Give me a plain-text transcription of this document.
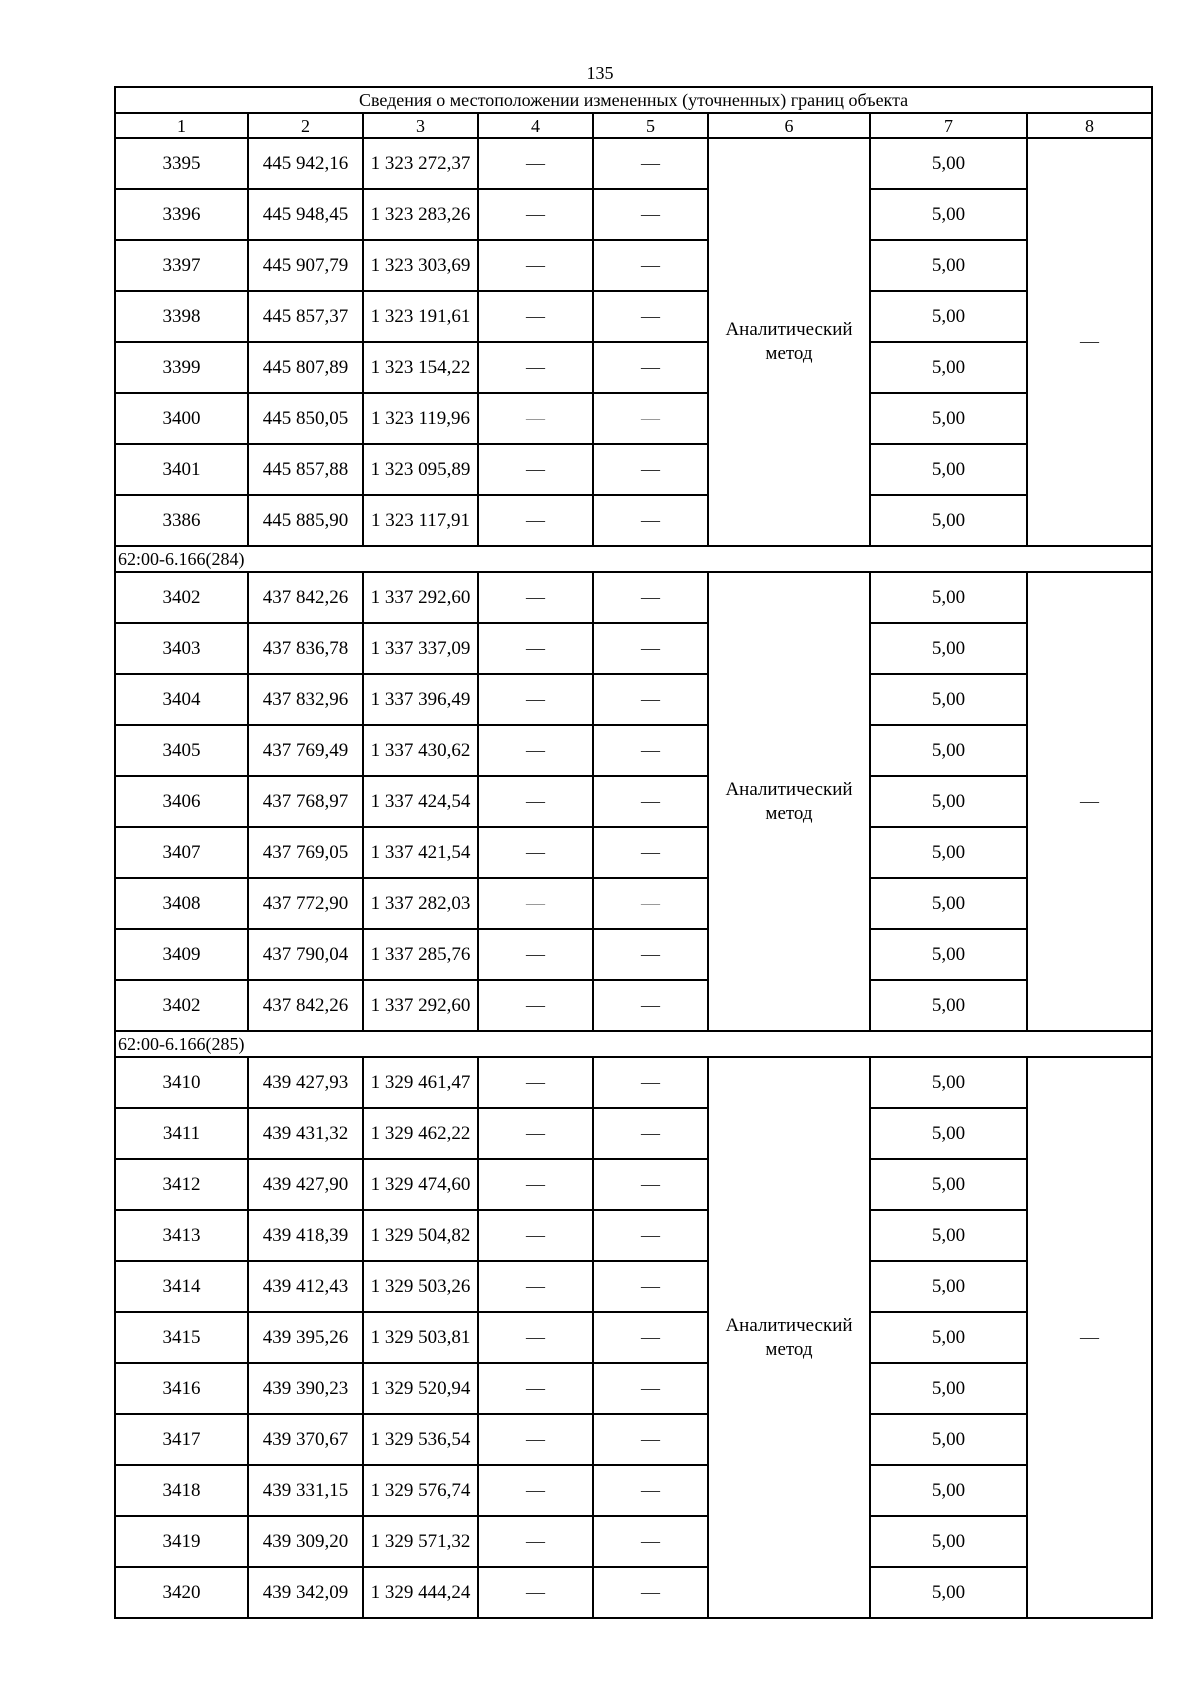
135
Сведения о местоположении измененных (уточненных) границ объекта							
1	2	3	4	5	6	7	8
3395	445 942,16	1 323 272,37	—	—	Аналитический метод	5,00	—
3396	445 948,45	1 323 283,26	—	—		5,00	
3397	445 907,79	1 323 303,69	—	—		5,00	
3398	445 857,37	1 323 191,61	—	—		5,00	
3399	445 807,89	1 323 154,22	—	—		5,00	
3400	445 850,05	1 323 119,96	—	—		5,00	
3401	445 857,88	1 323 095,89	—	—		5,00	
3386	445 885,90	1 323 117,91	—	—		5,00	
62:00-6.166(284)							
3402	437 842,26	1 337 292,60	—	—	Аналитический метод	5,00	—
3403	437 836,78	1 337 337,09	—	—		5,00	
3404	437 832,96	1 337 396,49	—	—		5,00	
3405	437 769,49	1 337 430,62	—	—		5,00	
3406	437 768,97	1 337 424,54	—	—		5,00	
3407	437 769,05	1 337 421,54	—	—		5,00	
3408	437 772,90	1 337 282,03	—	—		5,00	
3409	437 790,04	1 337 285,76	—	—		5,00	
3402	437 842,26	1 337 292,60	—	—		5,00	
62:00-6.166(285)							
3410	439 427,93	1 329 461,47	—	—	Аналитический метод	5,00	—
3411	439 431,32	1 329 462,22	—	—		5,00	
3412	439 427,90	1 329 474,60	—	—		5,00	
3413	439 418,39	1 329 504,82	—	—		5,00	
3414	439 412,43	1 329 503,26	—	—		5,00	
3415	439 395,26	1 329 503,81	—	—		5,00	
3416	439 390,23	1 329 520,94	—	—		5,00	
3417	439 370,67	1 329 536,54	—	—		5,00	
3418	439 331,15	1 329 576,74	—	—		5,00	
3419	439 309,20	1 329 571,32	—	—		5,00	
3420	439 342,09	1 329 444,24	—	—		5,00	
